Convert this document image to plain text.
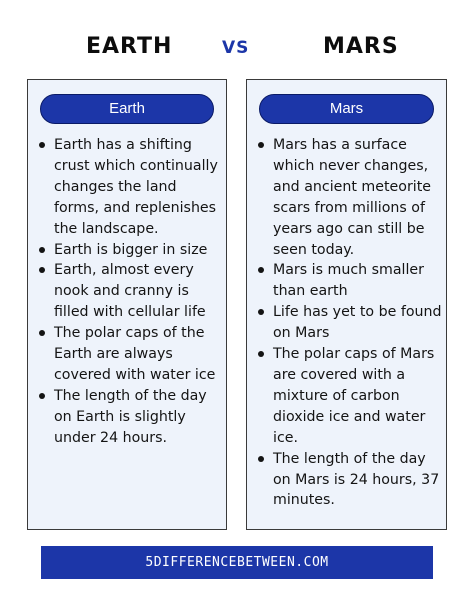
EARTH	VS	MARS
Earth
Earth has a shifting crust which continually changes the land forms, and replenishes the landscape.
Earth is bigger in size
Earth, almost every nook and cranny is filled with cellular life
The polar caps of the Earth are always covered with water ice
The length of the day on Earth is slightly under 24 hours.
Mars
Mars has a surface which never changes, and ancient meteorite scars from millions of years ago can still be seen today.
Mars is much smaller than earth
Life has yet to be found on Mars
The polar caps of Mars are covered with a mixture of carbon dioxide ice and water ice.
The length of the day on Mars is 24 hours, 37 minutes.
5DIFFERENCEBETWEEN.COM
